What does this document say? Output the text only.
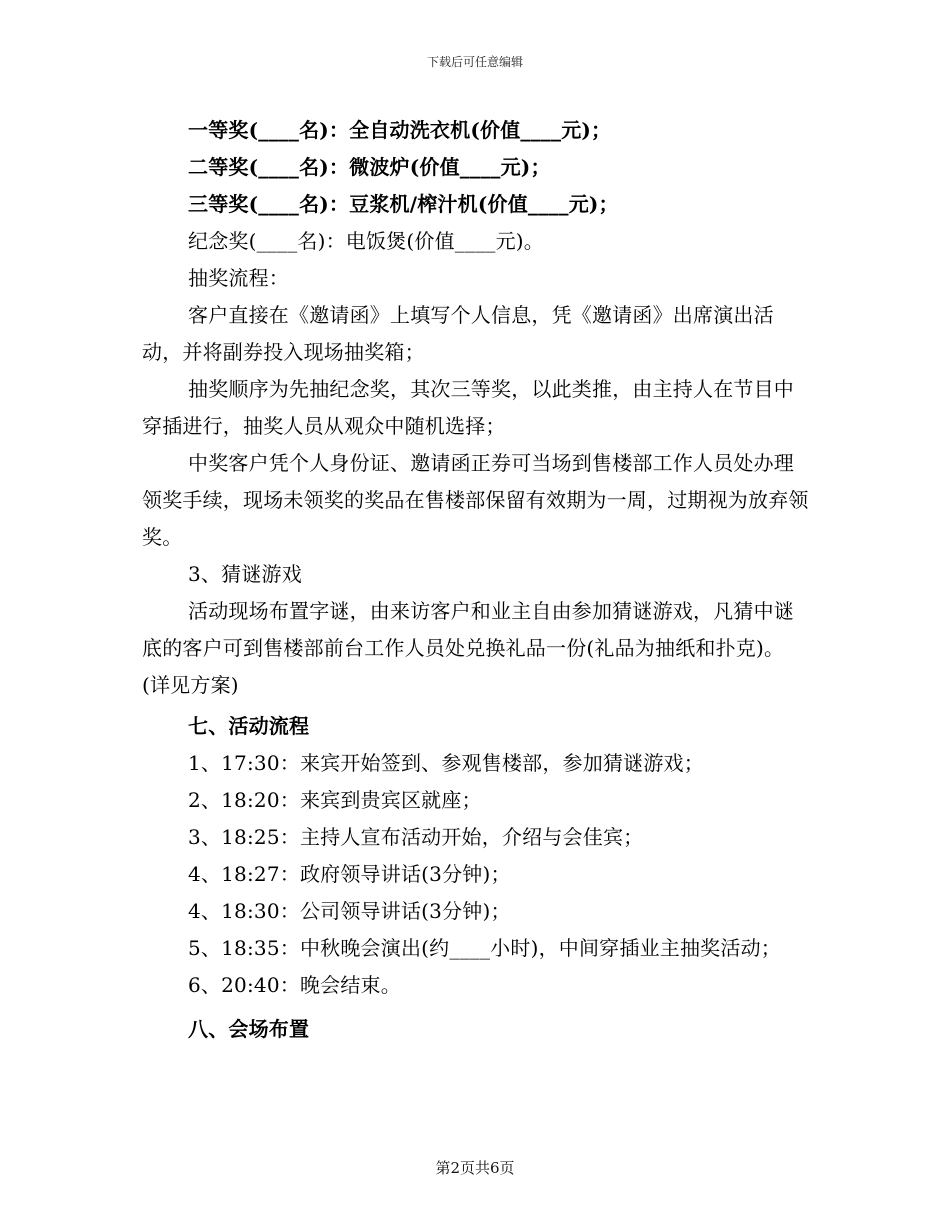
下载后可任意编辑

一等奖(____名)：全自动洗衣机(价值____元)；

二等奖(____名)：微波炉(价值____元)；

三等奖(____名)：豆浆机/榨汁机(价值____元)；

纪念奖(____名)：电饭煲(价值____元)。

抽奖流程：

客户直接在《邀请函》上填写个人信息，凭《邀请函》出席演出活动，并将副券投入现场抽奖箱；

抽奖顺序为先抽纪念奖，其次三等奖，以此类推，由主持人在节目中穿插进行，抽奖人员从观众中随机选择；

中奖客户凭个人身份证、邀请函正券可当场到售楼部工作人员处办理领奖手续，现场未领奖的奖品在售楼部保留有效期为一周，过期视为放弃领奖。

3、猜谜游戏

活动现场布置字谜，由来访客户和业主自由参加猜谜游戏，凡猜中谜底的客户可到售楼部前台工作人员处兑换礼品一份(礼品为抽纸和扑克)。(详见方案)

七、活动流程

1、17:30：来宾开始签到、参观售楼部，参加猜谜游戏；

2、18:20：来宾到贵宾区就座；

3、18:25：主持人宣布活动开始，介绍与会佳宾；

4、18:27：政府领导讲话(3分钟)；

4、18:30：公司领导讲话(3分钟)；

5、18:35：中秋晚会演出(约____小时)，中间穿插业主抽奖活动；

6、20:40：晚会结束。

八、会场布置

第2页共6页
